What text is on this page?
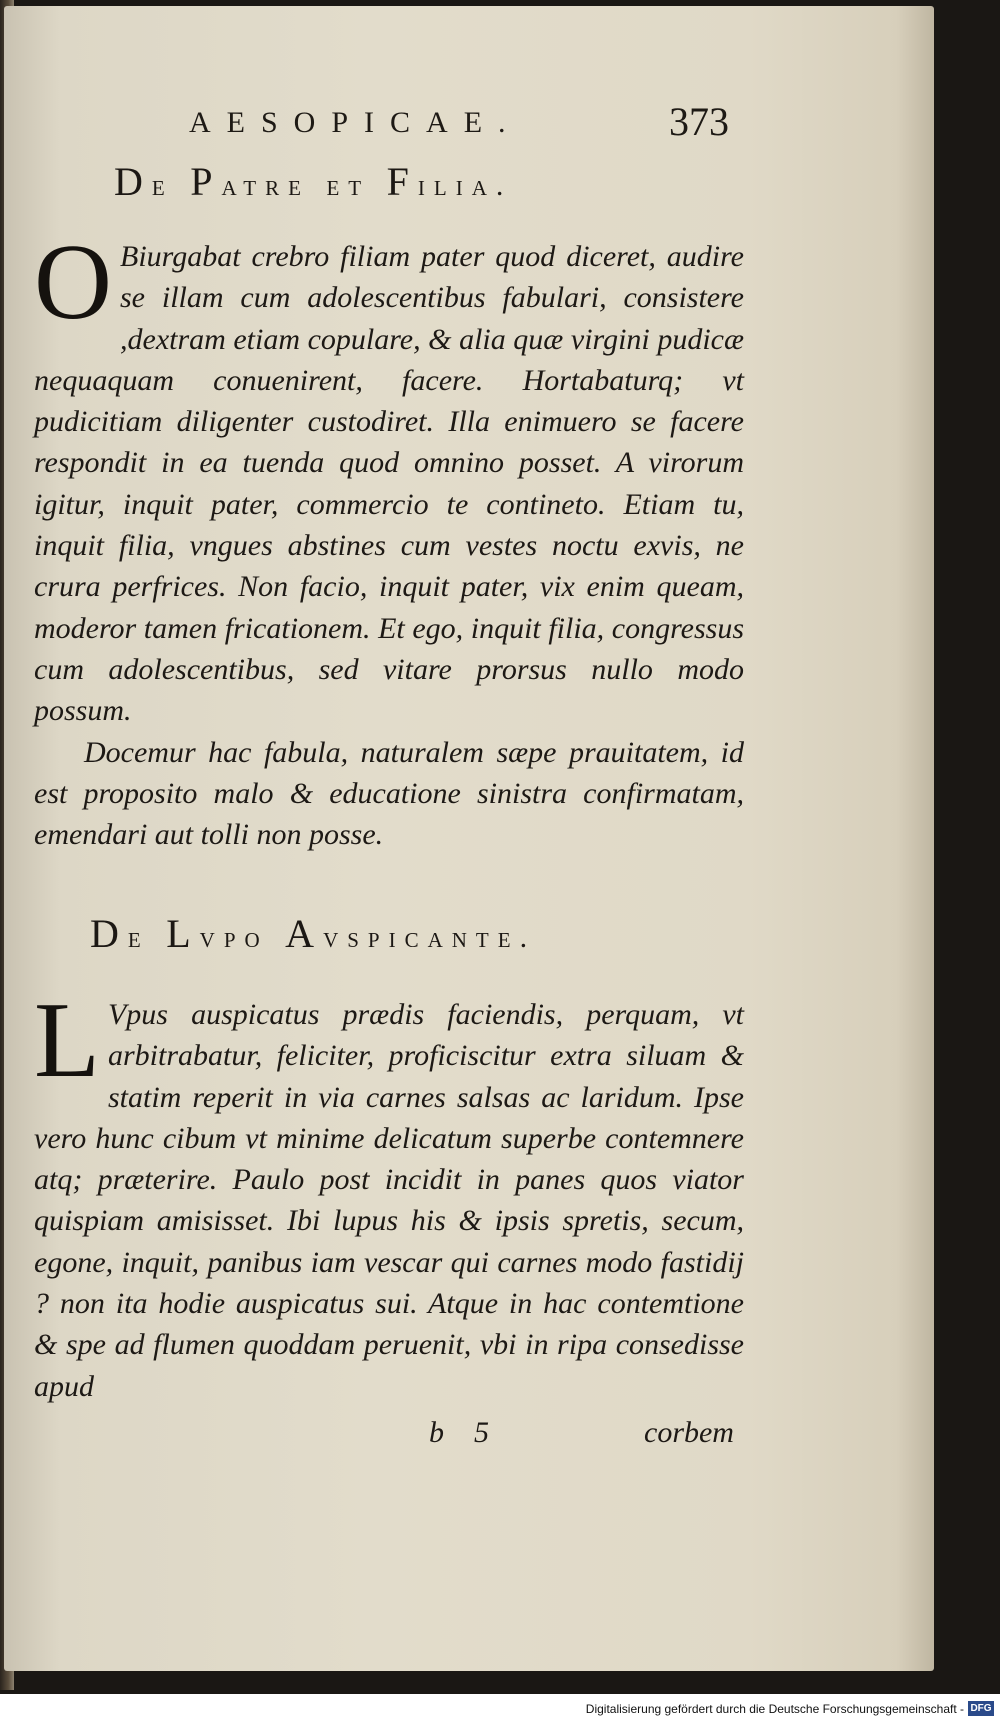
AESOPICAE.	373
De Patre et Filia.

O Biurgabat crebro filiam pater quod diceret, audire se illam cum adolescentibus fabulari, consistere ,dextram etiam copulare, & alia quæ virgini pudicæ nequaquam conuenirent, facere. Hortabaturq; vt pudicitiam diligenter custodiret. Illa enimuero se facere respondit in ea tuenda quod omnino posset. A virorum igitur, inquit pater, commercio te contineto. Etiam tu, inquit filia, vngues abstines cum vestes noctu exvis, ne crura perfrices. Non facio, inquit pater, vix enim queam, moderor tamen fricationem. Et ego, inquit filia, congressus cum adolescentibus, sed vitare prorsus nullo modo possum.

Docemur hac fabula, naturalem sæpe prauitatem, id est proposito malo & educatione sinistra confirmatam, emendari aut tolli non posse.

De Lvpo Avspicante.

L Vpus auspicatus prædis faciendis, perquam, vt arbitrabatur, feliciter, proficiscitur extra siluam & statim reperit in via carnes salsas ac laridum. Ipse vero hunc cibum vt minime delicatum superbe contemnere atq; præterire. Paulo post incidit in panes quos viator quispiam amisisset. Ibi lupus his & ipsis spretis, secum, egone, inquit, panibus iam vescar qui carnes modo fastidij ? non ita hodie auspicatus sui. Atque in hac contemtione & spe ad flumen quoddam peruenit, vbi in ripa consedisse apud

b 5	corbem
Digitalisierung gefördert durch die Deutsche Forschungsgemeinschaft - DFG
